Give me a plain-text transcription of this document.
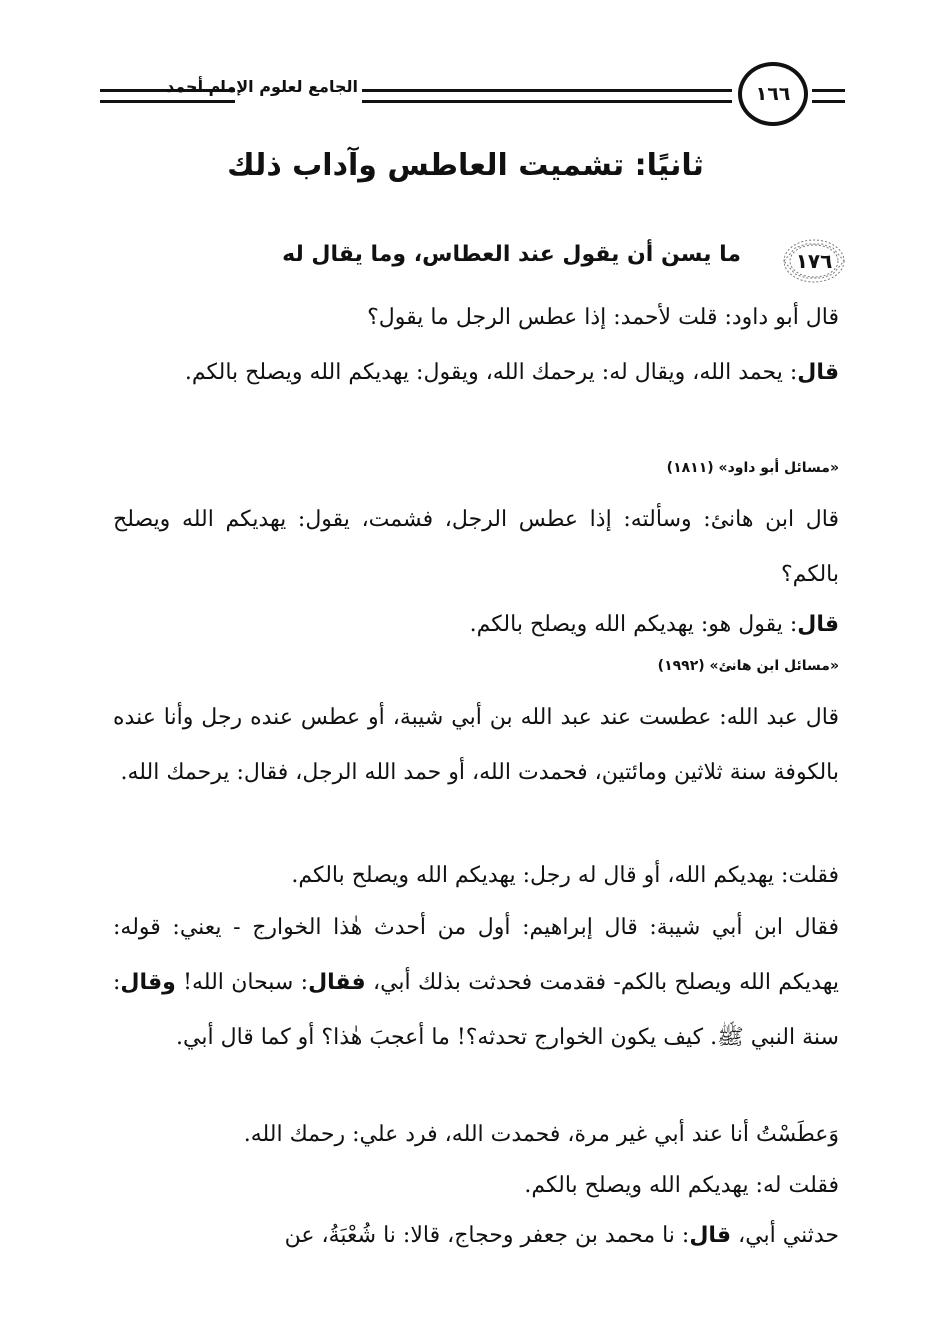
الجامع لعلوم الإمام أحمد	١٦٦
ثانيًا: تشميت العاطس وآداب ذلك
١٧٦
ما يسن أن يقول عند العطاس، وما يقال له
قال أبو داود: قلت لأحمد: إذا عطس الرجل ما يقول؟
قال: يحمد الله، ويقال له: يرحمك الله، ويقول: يهديكم الله ويصلح بالكم.
«مسائل أبو داود» (١٨١١)
قال ابن هانئ: وسألته: إذا عطس الرجل، فشمت، يقول: يهديكم الله ويصلح بالكم؟
قال: يقول هو: يهديكم الله ويصلح بالكم.
«مسائل ابن هانئ» (١٩٩٢)
قال عبد الله: عطست عند عبد الله بن أبي شيبة، أو عطس عنده رجل وأنا عنده بالكوفة سنة ثلاثين ومائتين، فحمدت الله، أو حمد الله الرجل، فقال: يرحمك الله.
فقلت: يهديكم الله، أو قال له رجل: يهديكم الله ويصلح بالكم.
فقال ابن أبي شيبة: قال إبراهيم: أول من أحدث هٰذا الخوارج - يعني: قوله: يهديكم الله ويصلح بالكم- فقدمت فحدثت بذلك أبي، فقال: سبحان الله! وقال: سنة النبي ﷺ. كيف يكون الخوارج تحدثه؟! ما أعجبَ هٰذا؟ أو كما قال أبي.
وَعطَسْتُ أنا عند أبي غير مرة، فحمدت الله، فرد علي: رحمك الله.
فقلت له: يهديكم الله ويصلح بالكم.
حدثني أبي، قال: نا محمد بن جعفر وحجاج، قالا: نا شُعْبَةُ، عن
